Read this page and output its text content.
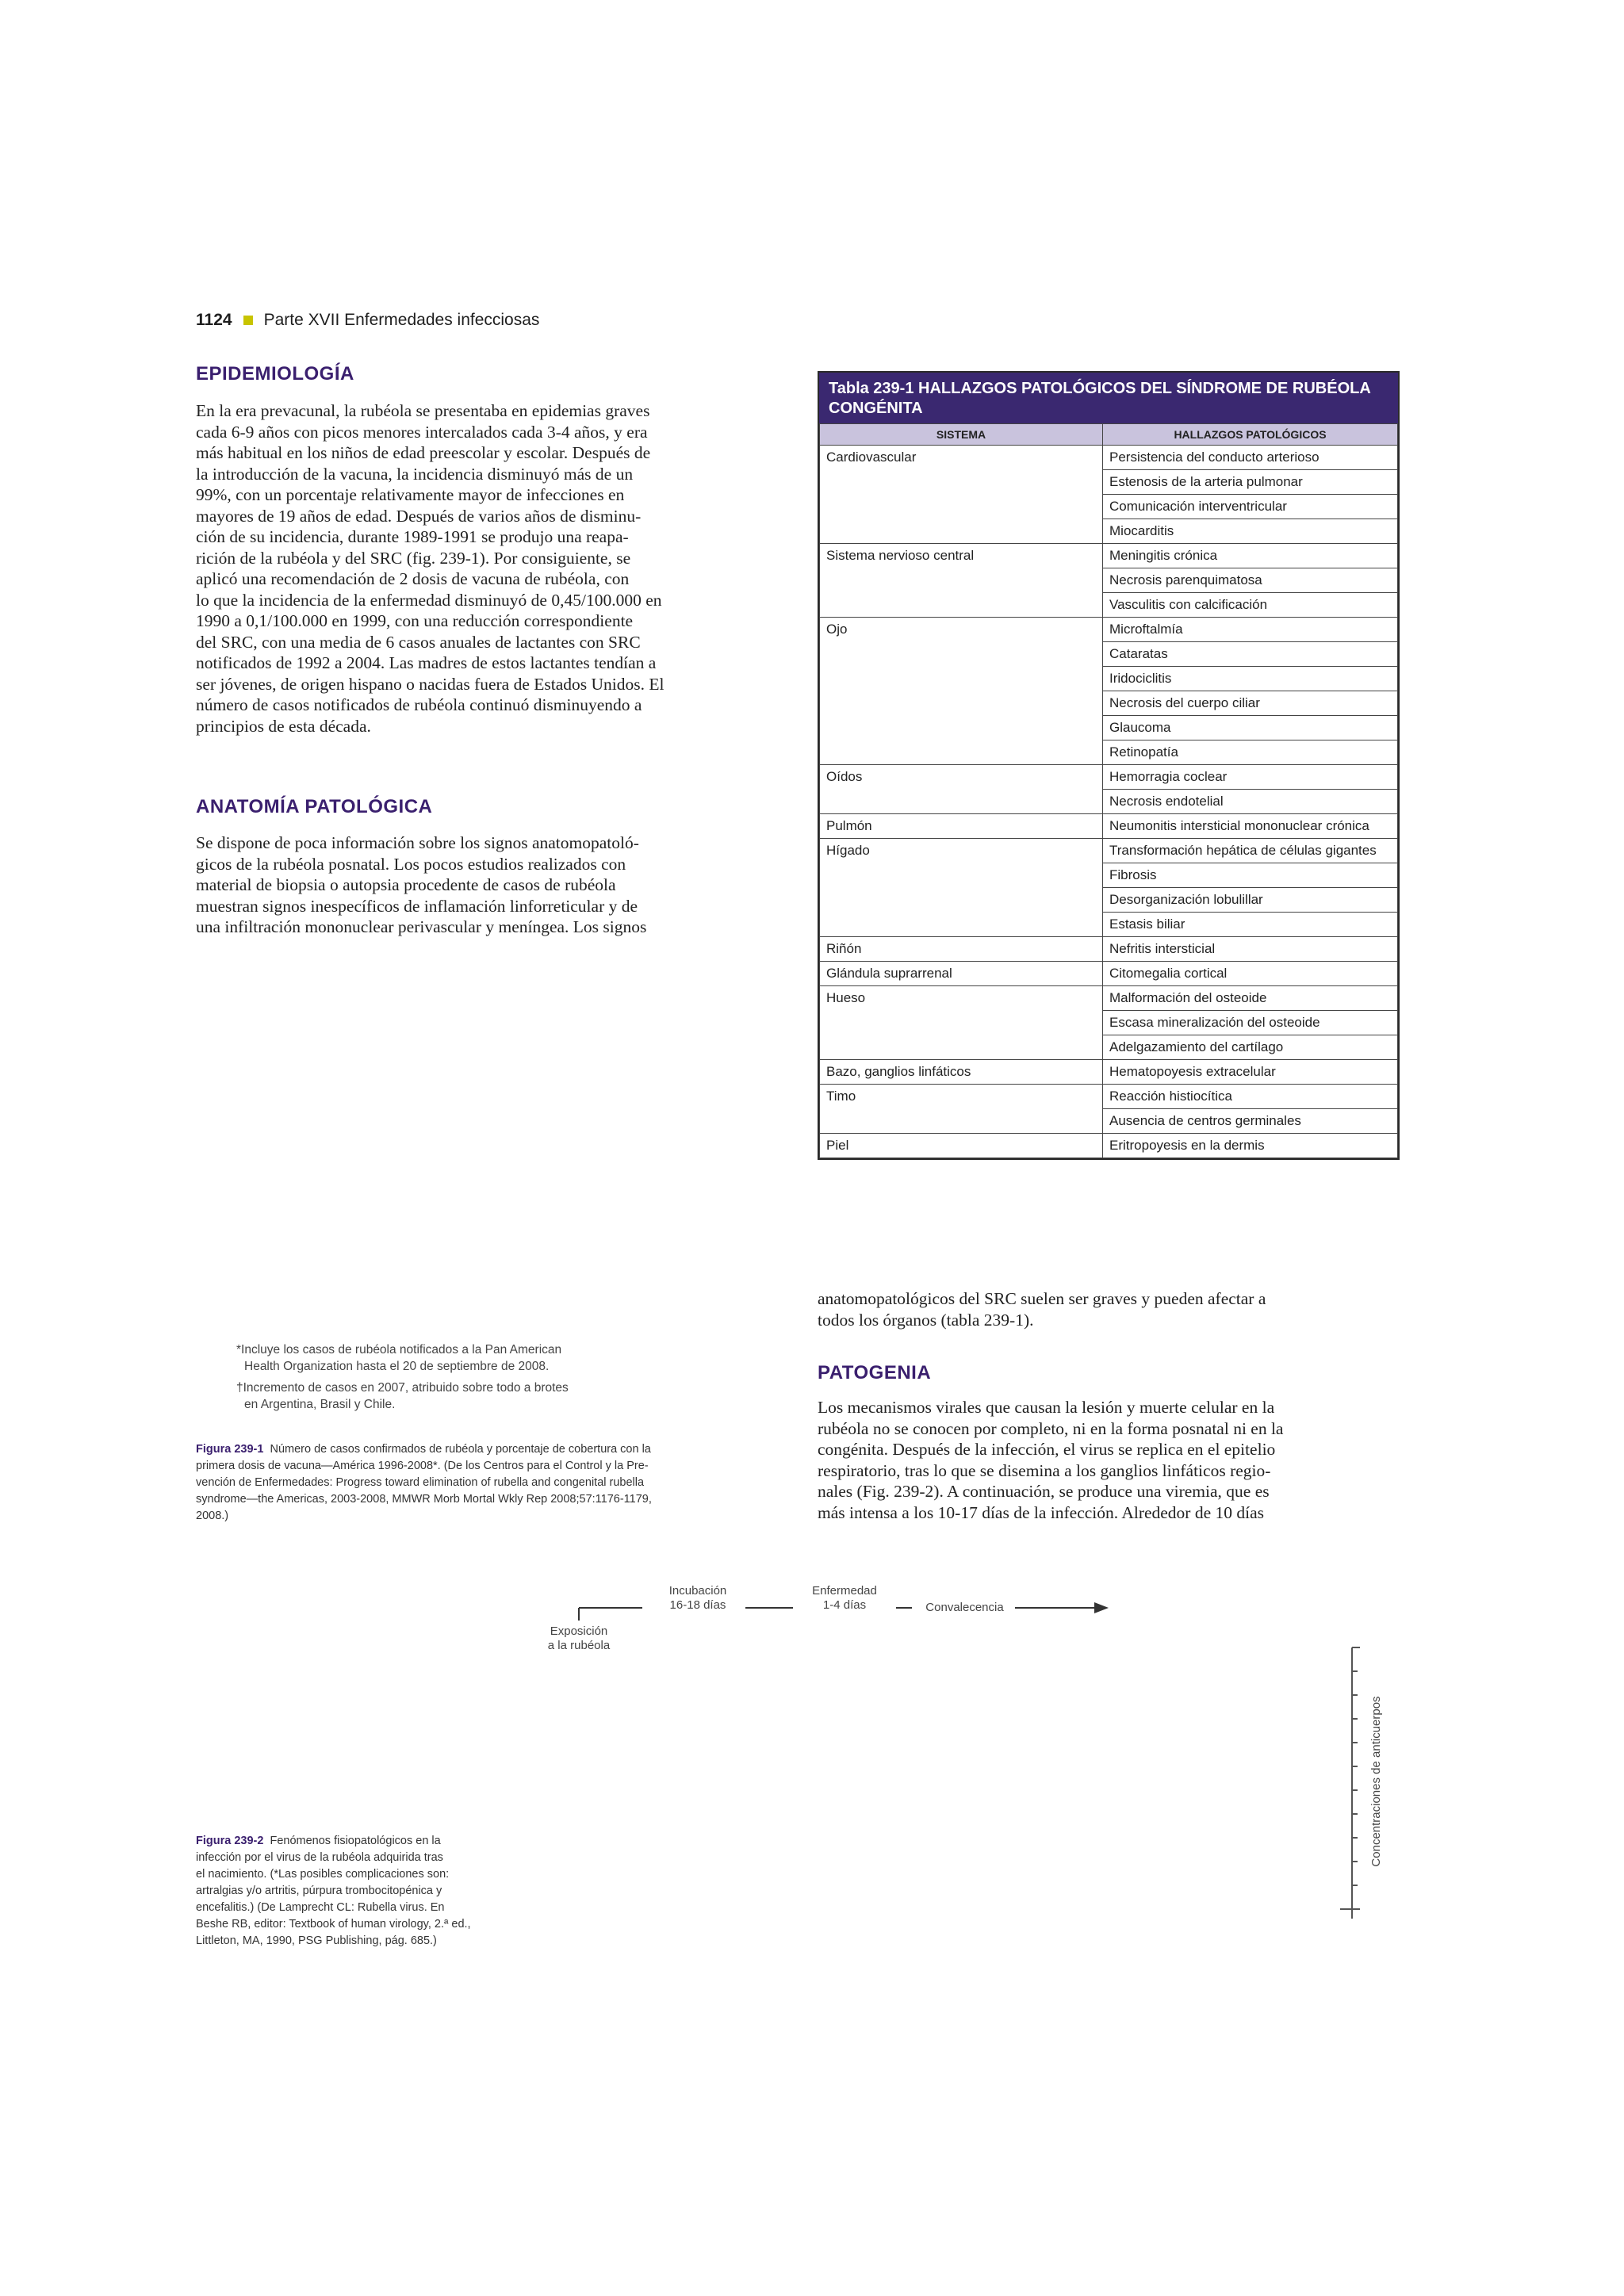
1124 Parte XVII Enfermedades infecciosas
EPIDEMIOLOGÍA
En la era prevacunal, la rubéola se presentaba en epidemias graves
cada 6-9 años con picos menores intercalados cada 3-4 años, y era
más habitual en los niños de edad preescolar y escolar. Después de
la introducción de la vacuna, la incidencia disminuyó más de un
99%, con un porcentaje relativamente mayor de infecciones en
mayores de 19 años de edad. Después de varios años de disminu-
ción de su incidencia, durante 1989-1991 se produjo una reapa-
rición de la rubéola y del SRC (fig. 239-1). Por consiguiente, se
aplicó una recomendación de 2 dosis de vacuna de rubéola, con
lo que la incidencia de la enfermedad disminuyó de 0,45/100.000 en
1990 a 0,1/100.000 en 1999, con una reducción correspondiente
del SRC, con una media de 6 casos anuales de lactantes con SRC
notificados de 1992 a 2004. Las madres de estos lactantes tendían a
ser jóvenes, de origen hispano o nacidas fuera de Estados Unidos. El
número de casos notificados de rubéola continuó disminuyendo a
principios de esta década.
ANATOMÍA PATOLÓGICA
Se dispone de poca información sobre los signos anatomopatoló-
gicos de la rubéola posnatal. Los pocos estudios realizados con
material de biopsia o autopsia procedente de casos de rubéola
muestran signos inespecíficos de inflamación linforreticular y de
una infiltración mononuclear perivascular y meníngea. Los signos
Tabla 239-1 HALLAZGOS PATOLÓGICOS DEL SÍNDROME DE RUBÉOLA CONGÉNITA
SISTEMA	HALLAZGOS PATOLÓGICOS
Cardiovascular	Persistencia del conducto arterioso
	Estenosis de la arteria pulmonar
	Comunicación interventricular
	Miocarditis
Sistema nervioso central	Meningitis crónica
	Necrosis parenquimatosa
	Vasculitis con calcificación
Ojo	Microftalmía
	Cataratas
	Iridociclitis
	Necrosis del cuerpo ciliar
	Glaucoma
	Retinopatía
Oídos	Hemorragia coclear
	Necrosis endotelial
Pulmón	Neumonitis intersticial mononuclear crónica
Hígado	Transformación hepática de células gigantes
	Fibrosis
	Desorganización lobulillar
	Estasis biliar
Riñón	Nefritis intersticial
Glándula suprarrenal	Citomegalia cortical
Hueso	Malformación del osteoide
	Escasa mineralización del osteoide
	Adelgazamiento del cartílago
Bazo, ganglios linfáticos	Hematopoyesis extracelular
Timo	Reacción histiocítica
	Ausencia de centros germinales
Piel	Eritropoyesis en la dermis
anatomopatológicos del SRC suelen ser graves y pueden afectar a
todos los órganos (tabla 239-1).
PATOGENIA
Los mecanismos virales que causan la lesión y muerte celular en la
rubéola no se conocen por completo, ni en la forma posnatal ni en la
congénita. Después de la infección, el virus se replica en el epitelio
respiratorio, tras lo que se disemina a los ganglios linfáticos regio-
nales (Fig. 239-2). A continuación, se produce una viremia, que es
más intensa a los 10-17 días de la infección. Alrededor de 10 días
*Incluye los casos de rubéola notificados a la Pan American
Health Organization hasta el 20 de septiembre de 2008.
†Incremento de casos en 2007, atribuido sobre todo a brotes
en Argentina, Brasil y Chile.
Figura 239-1 Número de casos confirmados de rubéola y porcentaje de cobertura con la
primera dosis de vacuna—América 1996-2008*. (De los Centros para el Control y la Pre-
vención de Enfermedades: Progress toward elimination of rubella and congenital rubella
syndrome—the Americas, 2003-2008, MMWR Morb Mortal Wkly Rep 2008;57:1176-1179,
2008.)
Incubación
16-18 días
Enfermedad
1-4 días	Convalecencia
Exposición
a la rubéola
Concentraciones de anticuerpos
Figura 239-2 Fenómenos fisiopatológicos en la
infección por el virus de la rubéola adquirida tras
el nacimiento. (*Las posibles complicaciones son:
artralgias y/o artritis, púrpura trombocitopénica y
encefalitis.) (De Lamprecht CL: Rubella virus. En
Beshe RB, editor: Textbook of human virology, 2.ª ed.,
Littleton, MA, 1990, PSG Publishing, pág. 685.)
